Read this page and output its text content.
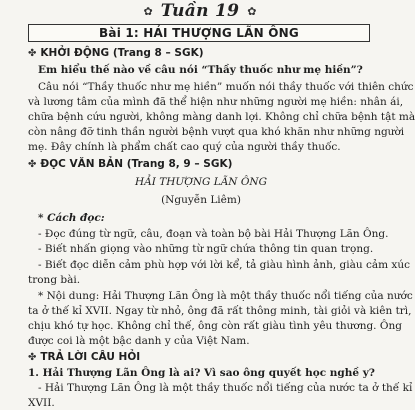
✿ Tuần 19 ✿
Bài 1: HẢI THƯỢNG LÃN ÔNG
✤ KHỞI ĐỘNG (Trang 8 – SGK)
Em hiểu thế nào về câu nói “Thầy thuốc như mẹ hiền”?
Câu nói “Thầy thuốc như mẹ hiền” muốn nói thầy thuốc với thiên chức
và lương tâm của mình đã thể hiện như những người mẹ hiền: nhân ái,
chữa bệnh cứu người, không màng danh lợi. Không chỉ chữa bệnh tật mà
còn nâng đỡ tinh thần người bệnh vượt qua khó khăn như những người
mẹ. Đây chính là phẩm chất cao quý của người thầy thuốc.
✤ ĐỌC VĂN BẢN (Trang 8, 9 – SGK)
HẢI THƯỢNG LÃN ÔNG
(Nguyễn Liêm)
* Cách đọc:
- Đọc đúng từ ngữ, câu, đoạn và toàn bộ bài Hải Thượng Lãn Ông.
- Biết nhấn giọng vào những từ ngữ chứa thông tin quan trọng.
- Biết đọc diễn cảm phù hợp với lời kể, tả giàu hình ảnh, giàu cảm xúc
trong bài.
* Nội dung: Hải Thượng Lãn Ông là một thầy thuốc nổi tiếng của nước
ta ở thế kỉ XVII. Ngay từ nhỏ, ông đã rất thông minh, tài giỏi và kiên trì,
chịu khó tự học. Không chỉ thế, ông còn rất giàu tình yêu thương. Ông
được coi là một bậc danh y của Việt Nam.
✤ TRẢ LỜI CÂU HỎI
1. Hải Thượng Lãn Ông là ai? Vì sao ông quyết học nghề y?
- Hải Thượng Lãn Ông là một thầy thuốc nổi tiếng của nước ta ở thế kỉ
XVII.
